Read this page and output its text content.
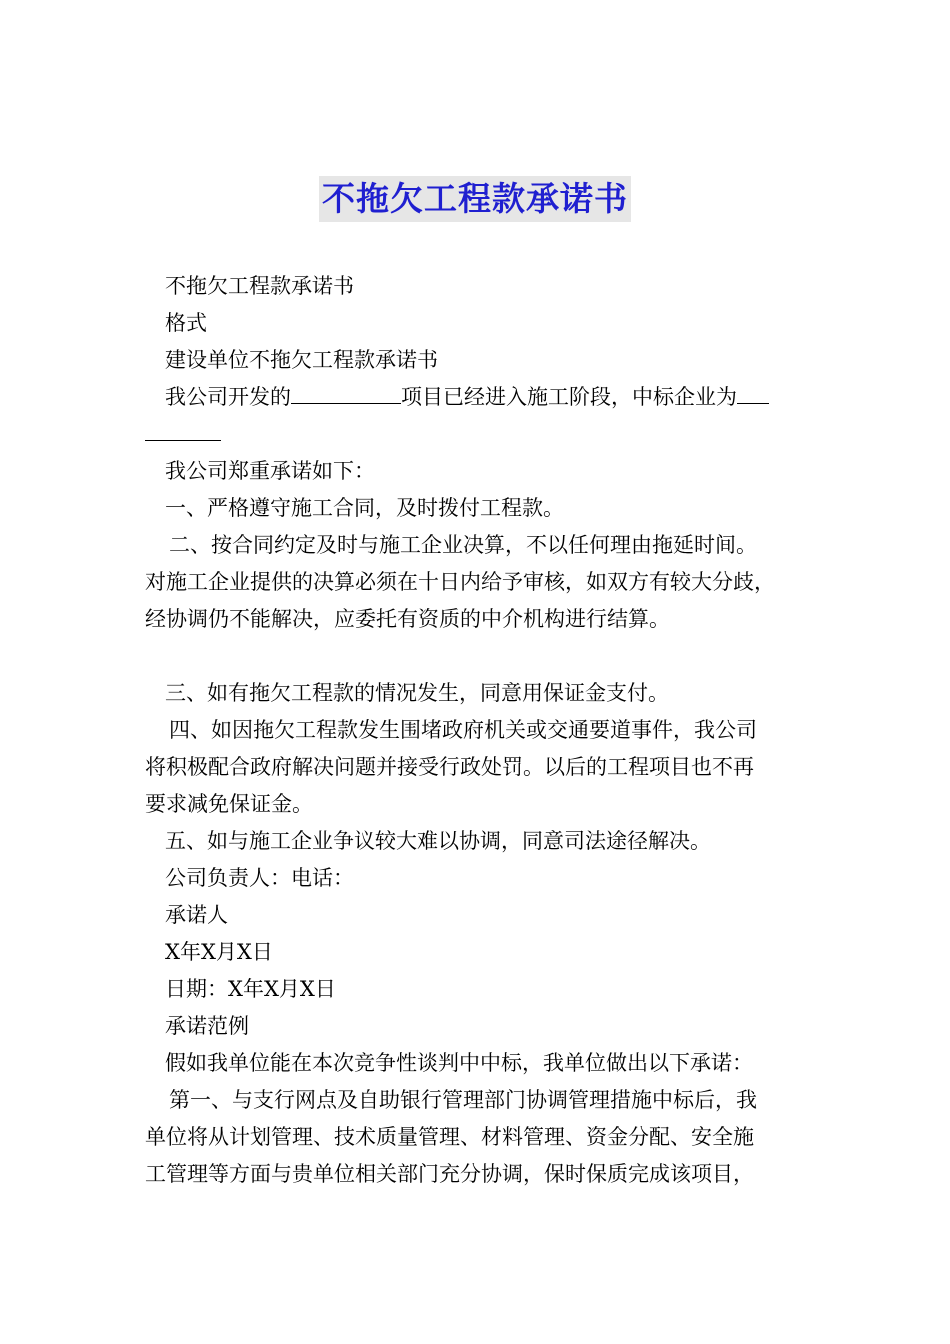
不拖欠工程款承诺书

不拖欠工程款承诺书

格式

建设单位不拖欠工程款承诺书

我公司开发的	项目已经进入施工阶段，中标企业为

我公司郑重承诺如下：

一、严格遵守施工合同，及时拨付工程款。

二、按合同约定及时与施工企业决算，不以任何理由拖延时间。

对施工企业提供的决算必须在十日内给予审核，如双方有较大分歧，

经协调仍不能解决，应委托有资质的中介机构进行结算。

三、如有拖欠工程款的情况发生，同意用保证金支付。

四、如因拖欠工程款发生围堵政府机关或交通要道事件，我公司

将积极配合政府解决问题并接受行政处罚。以后的工程项目也不再

要求减免保证金。

五、如与施工企业争议较大难以协调，同意司法途径解决。

公司负责人：电话：

承诺人

X年X月X日

日期：X年X月X日

承诺范例

假如我单位能在本次竞争性谈判中中标，我单位做出以下承诺：

第一、与支行网点及自助银行管理部门协调管理措施中标后，我

单位将从计划管理、技术质量管理、材料管理、资金分配、安全施

工管理等方面与贵单位相关部门充分协调，保时保质完成该项目，
